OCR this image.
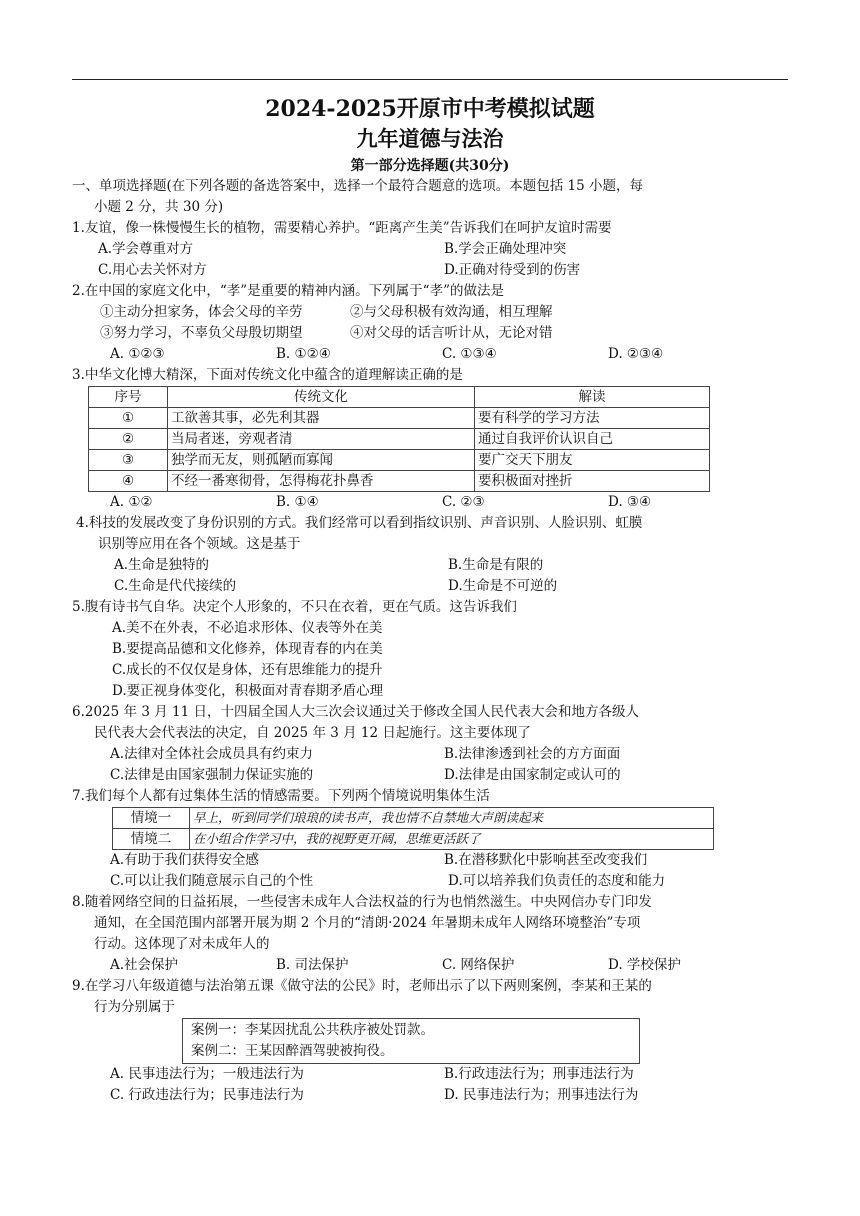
2024-2025开原市中考模拟试题
九年道德与法治
第一部分选择题(共30分)
一、单项选择题(在下列各题的备选答案中，选择一个最符合题意的选项。本题包括 15 小题，每
小题 2 分，共 30 分)
1.友谊，像一株慢慢生长的植物，需要精心养护。“距离产生美”告诉我们在呵护友谊时需要
A.学会尊重对方	B.学会正确处理冲突
C.用心去关怀对方	D.正确对待受到的伤害
2.在中国的家庭文化中，“孝”是重要的精神内涵。下列属于“孝”的做法是
①主动分担家务，体会父母的辛劳	②与父母积极有效沟通，相互理解
③努力学习，不辜负父母殷切期望	④对父母的话言听计从，无论对错
A. ①②③	B. ①②④	C. ①③④	D. ②③④
3.中华文化博大精深，下面对传统文化中蕴含的道理解读正确的是
序号	传统文化	解读
①	工欲善其事，必先利其器	要有科学的学习方法
②	当局者迷，旁观者清	通过自我评价认识自己
③	独学而无友，则孤陋而寡闻	要广交天下朋友
④	不经一番寒彻骨，怎得梅花扑鼻香	要积极面对挫折
A. ①②	B. ①④	C. ②③	D. ③④
4.科技的发展改变了身份识别的方式。我们经常可以看到指纹识别、声音识别、人脸识别、虹膜
识别等应用在各个领域。这是基于
A.生命是独特的	B.生命是有限的
C.生命是代代接续的	D.生命是不可逆的
5.腹有诗书气自华。决定个人形象的，不只在衣着，更在气质。这告诉我们
A.美不在外表，不必追求形体、仪表等外在美
B.要提高品德和文化修养，体现青春的内在美
C.成长的不仅仅是身体，还有思维能力的提升
D.要正视身体变化，积极面对青春期矛盾心理
6.2025 年 3 月 11 日，十四届全国人大三次会议通过关于修改全国人民代表大会和地方各级人
民代表大会代表法的决定，自 2025 年 3 月 12 日起施行。这主要体现了
A.法律对全体社会成员具有约束力	B.法律渗透到社会的方方面面
C.法律是由国家强制力保证实施的	D.法律是由国家制定或认可的
7.我们每个人都有过集体生活的情感需要。下列两个情境说明集体生活
情境一	早上，听到同学们琅琅的读书声，我也情不自禁地大声朗读起来
情境二	在小组合作学习中，我的视野更开阔，思维更活跃了
A.有助于我们获得安全感	B.在潜移默化中影响甚至改变我们
C.可以让我们随意展示自己的个性	D.可以培养我们负责任的态度和能力
8.随着网络空间的日益拓展，一些侵害未成年人合法权益的行为也悄然滋生。中央网信办专门印发
通知，在全国范围内部署开展为期 2 个月的“清朗·2024 年暑期未成年人网络环境整治”专项
行动。这体现了对未成年人的
A.社会保护	B. 司法保护	C. 网络保护	D. 学校保护
9.在学习八年级道德与法治第五课《做守法的公民》时，老师出示了以下两则案例，李某和王某的
行为分别属于
案例一：李某因扰乱公共秩序被处罚款。
案例二：王某因醉酒驾驶被拘役。
A. 民事违法行为；一般违法行为	B.行政违法行为；刑事违法行为
C. 行政违法行为；民事违法行为	D. 民事违法行为；刑事违法行为
